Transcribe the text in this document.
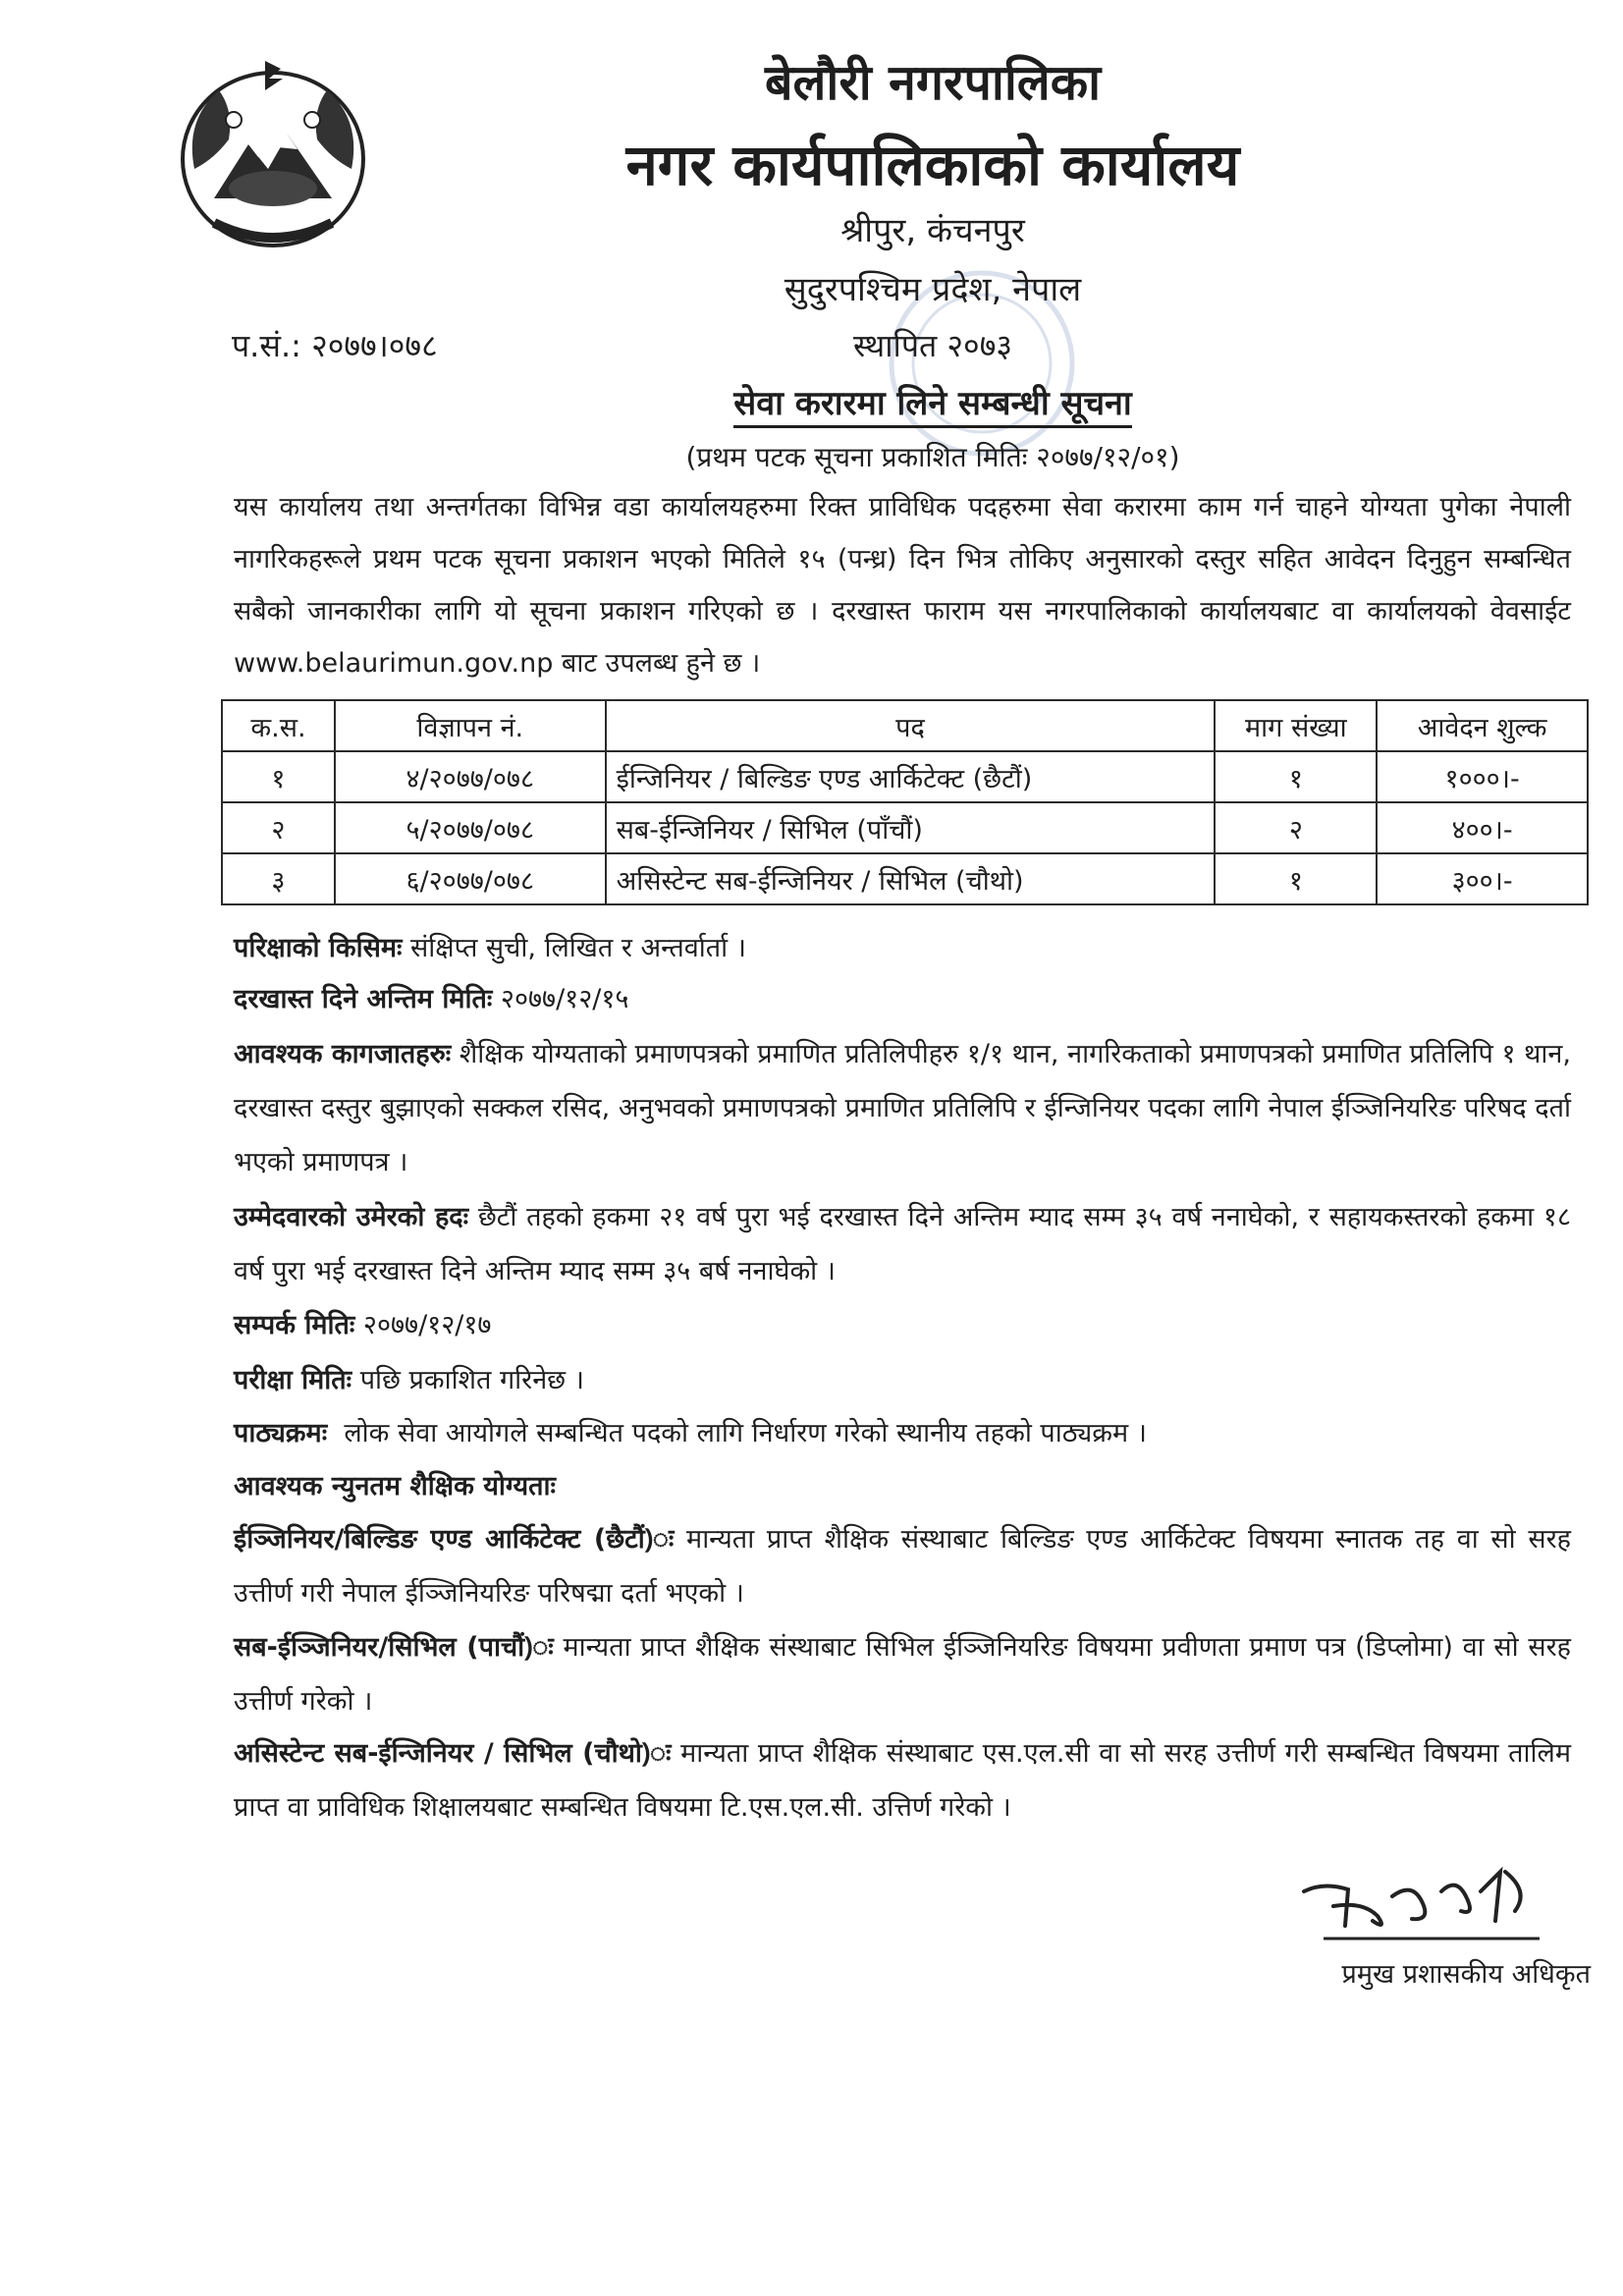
बेलौरी नगरपालिका
नगर कार्यपालिकाको कार्यालय
श्रीपुर, कंचनपुर
सुदुरपश्चिम प्रदेश, नेपाल
प.सं.: २०७७।०७८	स्थापित २०७३
सेवा करारमा लिने सम्बन्धी सूचना
(प्रथम पटक सूचना प्रकाशित मितिः २०७७/१२/०१)
यस कार्यालय तथा अन्तर्गतका विभिन्न वडा कार्यालयहरुमा रिक्त प्राविधिक पदहरुमा सेवा करारमा काम गर्न चाहने योग्यता पुगेका नेपाली नागरिकहरूले प्रथम पटक सूचना प्रकाशन भएको मितिले १५ (पन्ध्र) दिन भित्र तोकिए अनुसारको दस्तुर सहित आवेदन दिनुहुन सम्बन्धित सबैको जानकारीका लागि यो सूचना प्रकाशन गरिएको छ । दरखास्त फाराम यस नगरपालिकाको कार्यालयबाट वा कार्यालयको वेवसाईट www.belaurimun.gov.np बाट उपलब्ध हुने छ ।
क.स.	विज्ञापन नं.	पद	माग संख्या	आवेदन शुल्क
१	४/२०७७/०७८	ईन्जिनियर / बिल्डिङ एण्ड आर्किटेक्ट (छैटौं)	१	१०००।-
२	५/२०७७/०७८	सब-ईन्जिनियर / सिभिल (पाँचौं)	२	४००।-
३	६/२०७७/०७८	असिस्टेन्ट सब-ईन्जिनियर / सिभिल (चौथो)	१	३००।-
परिक्षाको किसिमः संक्षिप्त सुची, लिखित र अन्तर्वार्ता ।
दरखास्त दिने अन्तिम मितिः २०७७/१२/१५
आवश्यक कागजातहरुः शैक्षिक योग्यताको प्रमाणपत्रको प्रमाणित प्रतिलिपीहरु १/१ थान, नागरिकताको प्रमाणपत्रको प्रमाणित प्रतिलिपि १ थान, दरखास्त दस्तुर बुझाएको सक्कल रसिद, अनुभवको प्रमाणपत्रको प्रमाणित प्रतिलिपि र ईन्जिनियर पदका लागि नेपाल ईञ्जिनियरिङ परिषद दर्ता भएको प्रमाणपत्र ।
उम्मेदवारको उमेरको हदः छैटौं तहको हकमा २१ वर्ष पुरा भई दरखास्त दिने अन्तिम म्याद सम्म ३५ वर्ष ननाघेको, र सहायकस्तरको हकमा १८ वर्ष पुरा भई दरखास्त दिने अन्तिम म्याद सम्म ३५ बर्ष ननाघेको ।
सम्पर्क मितिः २०७७/१२/१७
परीक्षा मितिः पछि प्रकाशित गरिनेछ ।
पाठ्यक्रमः लोक सेवा आयोगले सम्बन्धित पदको लागि निर्धारण गरेको स्थानीय तहको पाठ्यक्रम ।
आवश्यक न्युनतम शैक्षिक योग्यताः
ईञ्जिनियर/बिल्डिङ एण्ड आर्किटेक्ट (छैटौं)ः मान्यता प्राप्त शैक्षिक संस्थाबाट बिल्डिङ एण्ड आर्किटेक्ट विषयमा स्नातक तह वा सो सरह उत्तीर्ण गरी नेपाल ईञ्जिनियरिङ परिषद्मा दर्ता भएको ।
सब-ईञ्जिनियर/सिभिल (पाचौं)ः मान्यता प्राप्त शैक्षिक संस्थाबाट सिभिल ईञ्जिनियरिङ विषयमा प्रवीणता प्रमाण पत्र (डिप्लोमा) वा सो सरह उत्तीर्ण गरेको ।
असिस्टेन्ट सब-ईन्जिनियर / सिभिल (चौथो)ः मान्यता प्राप्त शैक्षिक संस्थाबाट एस.एल.सी वा सो सरह उत्तीर्ण गरी सम्बन्धित विषयमा तालिम प्राप्त वा प्राविधिक शिक्षालयबाट सम्बन्धित विषयमा टि.एस.एल.सी. उत्तिर्ण गरेको ।
प्रमुख प्रशासकीय अधिकृत
